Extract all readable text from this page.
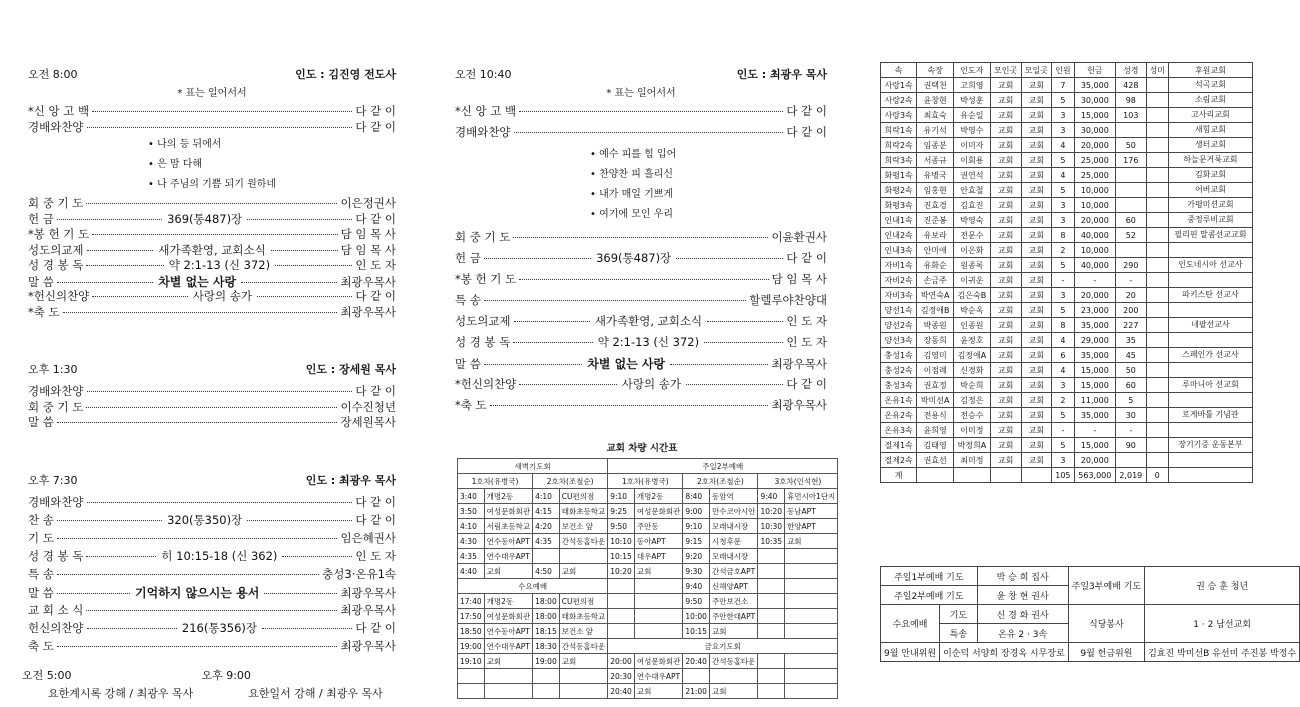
오전 8:00	인도 : 김진영 전도사
* 표는 일어서서
*신 앙 고 백	다 같 이
경배와찬양	다 같 이
• 나의 등 뒤에서
• 은 맘 다해
• 나 주님의 기쁨 되기 원하네
회 중 기 도	이은정권사
헌 금	369(통487)장	다 같 이
*봉 헌 기 도	담 임 목 사
성도의교제	새가족환영, 교회소식	담 임 목 사
성 경 봉 독	약 2:1-13 (신 372)	인 도 자
말 씀	차별 없는 사랑	최광우목사
*헌신의찬양	사랑의 송가	다 같 이
*축 도	최광우목사
오후 1:30	인도 : 장세원 목사
경배와찬양	다 같 이
회 중 기 도	이수진청년
말 씀	장세원목사
오후 7:30	인도 : 최광우 목사
경배와찬양	다 같 이
찬 송	320(통350)장	다 같 이
기 도	임은혜권사
성 경 봉 독	히 10:15-18 (신 362)	인 도 자
특 송	충성3·온유1속
말 씀	기억하지 않으시는 용서	최광우목사
교 회 소 식	최광우목사
헌신의찬양	216(통356)장	다 같 이
축 도	최광우목사
오전 5:00	오후 9:00
요한계시록 강해 / 최광우 목사	요한일서 강해 / 최광우 목사
오전 10:40	인도 : 최광우 목사
* 표는 일어서서
*신 앙 고 백	다 같 이
경배와찬양	다 같 이
• 예수 피를 힘 입어
• 찬양찬 피 흘리신
• 내가 매일 기쁘게
• 여기에 모인 우리
회 중 기 도	이윤환권사
헌 금	369(통487)장	다 같 이
*봉 헌 기 도	담 임 목 사
특 송	할렐루야찬양대
성도의교제	새가족환영, 교회소식	인 도 자
성 경 봉 독	약 2:1-13 (신 372)	인 도 자
말 씀	차별 없는 사랑	최광우목사
*헌신의찬양	사랑의 송가	다 같 이
*축 도	최광우목사
교회 차량 시간표
새벽기도회				주일2부예배					
1호차(유병국)		2호차(조철순)		1호차(유병국)		2호차(조철순)		3호차(인석현)	
3:40	개명2동	4:10	CU편의점	9:10	개명2동	8:40	동암역	9:40	휴먼시아1단지
3:50	여성문화회관	4:15	태화초등학교	9:25	여성문화회관	9:00	만수코아시안	10:20	동남APT
4:10	서림초등학교	4:20	보건소 앞	9:50	주안동	9:10	모래내시장	10:30	한양APT
4:30	연수동아APT	4:35	간석동홈타운	10:10	동아APT	9:15	시청후문	10:35	교회
4:35	연수대우APT			10:15	대우APT	9:20	모래내시장		
4:40	교회	4:50	교회	10:20	교회	9:30	간석금호APT		
수요예배						9:40	신해양APT		
17:40	개명2동	18:00	CU편의점			9:50	주안보건소		
17:50	여성문화회관	18:00	태화초등학교			10:00	주안한대APT		
18:50	연수동아APT	18:15	보건소 앞			10:15	교회		
19:00	연수대우APT	18:30	간석동홈타운	금요기도회					
19:10	교회	19:00	교회	20:00	여성문화회관	20:40	간석동홈타운		
				20:30	연수대우APT				
				20:40	교회	21:00	교회		
속	속장	인도자	모인곳	모일곳	인원	헌금	성경	성미	후원교회
사랑1속	권택천	고희영	교회	교회	7	35,000	428		석곡교회
사랑2속	윤창현	박성훈	교회	교회	5	30,000	98		소림교회
사랑3속	최효숙	유순일	교회	교회	3	15,000	103		고사리교회
희락1속	유기석	박영수	교회	교회	3	30,000			새힘교회
희락2속	임종분	이미자	교회	교회	4	20,000	50		생터교회
희락3속	서종규	이회용	교회	교회	5	25,000	176		하늘문거룩교회
화평1속	유병국	권연석	교회	교회	4	25,000			김화교회
화평2속	임홍현	안효철	교회	교회	5	10,000			어버교회
화평3속	진효경	김효진	교회	교회	3	10,000			가평미션교회
인내1속	진준봉	박영숙	교회	교회	3	20,000	60		중정루비교회
인내2속	유보라	전문수	교회	교회	8	40,000	52		필리핀 말콤선교교회
인내3속	안미애	이은화	교회	교회	2	10,000			
자비1속	유화순	원종록	교회	교회	5	40,000	290		인도네시아 선교사
자비2속	손금주	이귀운	교회	교회	-	-	-		
자비3속	박연숙A	김은숙B	교회	교회	3	20,000	20		파키스탄 선교사
양선1속	김정애B	박순옥	교회	교회	5	23,000	200		
양선2속	박종원	인종원	교회	교회	8	35,000	227		네팔선교사
양선3속	장동희	윤정호	교회	교회	4	29,000	35		
충성1속	김영미	김정애A	교회	교회	6	35,000	45		스페인가 선교사
충성2속	이점례	신경화	교회	교회	4	15,000	50		
충성3속	권효정	박순희	교회	교회	3	15,000	60		루마니아 선교회
온유1속	박미선A	김정은	교회	교회	2	11,000	5		
온유2속	전용식	전승수	교회	교회	5	35,000	30		로게바틀 기념관
온유3속	윤희영	이미정	교회	교회	-	-	-		
절제1속	김태영	박정희A	교회	교회	5	15,000	90		장기기증 운동본부
절제2속	권효선	최미정	교회	교회	3	20,000			
계					105	563,000	2,019	0	
주일1부예배 기도		박 승 희 집사	주일3부예배 기도	권 승 훈 청년
주일2부예배 기도		윤 창 현 권사		
수요예배	기도	신 경 화 권사	식당봉사	1 · 2 남선교회
	특송	온유 2 · 3속		
9월 안내위원	이순덕 서양희 장경옥 시무장로		9월 헌금위원	김효진 박미선B 유선미 주진봉 박정수
